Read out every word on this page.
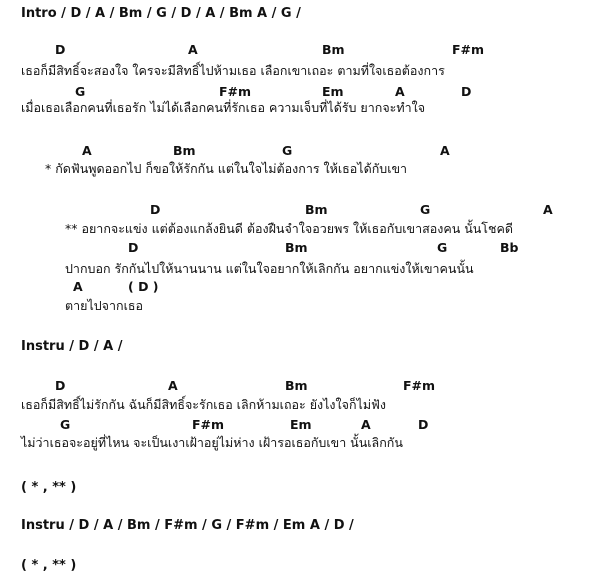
Intro / D / A / Bm / G / D / A / Bm A / G /
D	A	Bm	F#m
เธอก็มีสิทธิ์จะสองใจ ใครจะมีสิทธิ์ไปห้ามเธอ เลือกเขาเถอะ ตามที่ใจเธอต้องการ
G	F#m	Em	A	D
เมื่อเธอเลือกคนที่เธอรัก ไม่ได้เลือกคนที่รักเธอ ความเจ็บที่ได้รับ ยากจะทำใจ
A	Bm	G	A
* กัดฟันพูดออกไป ก็ขอให้รักกัน แต่ในใจไม่ต้องการ ให้เธอได้กับเขา
D	Bm	G	A
** อยากจะแข่ง แต่ต้องแกล้งยินดี ต้องฝืนจำใจอวยพร ให้เธอกับเขาสองคน นั้นโชคดี
D	Bm	G	Bb
ปากบอก รักกันไปให้นานนาน แต่ในใจอยากให้เลิกกัน อยากแข่งให้เขาคนนั้น
A	( D )
ตายไปจากเธอ
Instru / D / A /
D	A	Bm	F#m
เธอก็มีสิทธิ์ไม่รักกัน ฉันก็มีสิทธิ์จะรักเธอ เลิกห้ามเถอะ ยังไงใจก็ไม่ฟัง
G	F#m	Em	A	D
ไม่ว่าเธอจะอยู่ที่ไหน จะเป็นเงาเฝ้าอยู่ไม่ห่าง เฝ้ารอเธอกับเขา นั้นเลิกกัน
( * , ** )
Instru / D / A / Bm / F#m / G / F#m / Em A / D /
( * , ** )
